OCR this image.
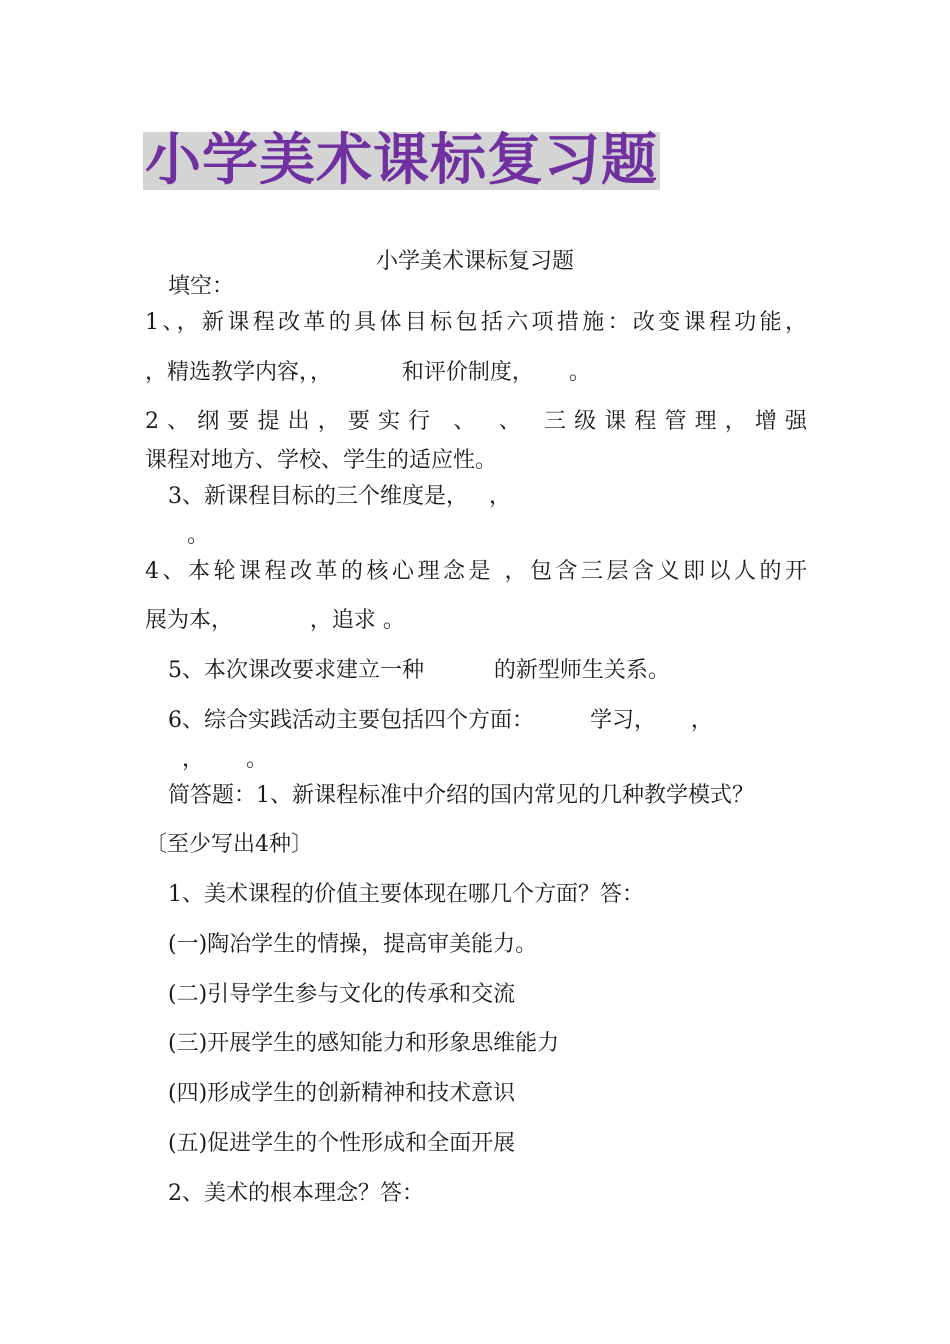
小学美术课标复习题

小学美术课标复习题

填空：

1、，新课程改革的具体目标包括六项措施：改变课程功能，

，精选教学内容，，          和评价制度，     。

2、纲要提出，要实行 、 、 三级课程管理，增强

课程对地方、学校、学生的适应性。

3、新课程目标的三个维度是，   ，

。

4、本轮课程改革的核心理念是 ，包含三层含义即以人的开

展为本，           ，追求 。

5、本次课改要求建立一种          的新型师生关系。

6、综合实践活动主要包括四个方面：        学习，     ，

，      。

简答题：1、新课程标准中介绍的国内常见的几种教学模式？

〔至少写出4种〕

1、美术课程的价值主要体现在哪几个方面？答：

(一)陶冶学生的情操，提高审美能力。

(二)引导学生参与文化的传承和交流

(三)开展学生的感知能力和形象思维能力

(四)形成学生的创新精神和技术意识

(五)促进学生的个性形成和全面开展

2、美术的根本理念？答：
